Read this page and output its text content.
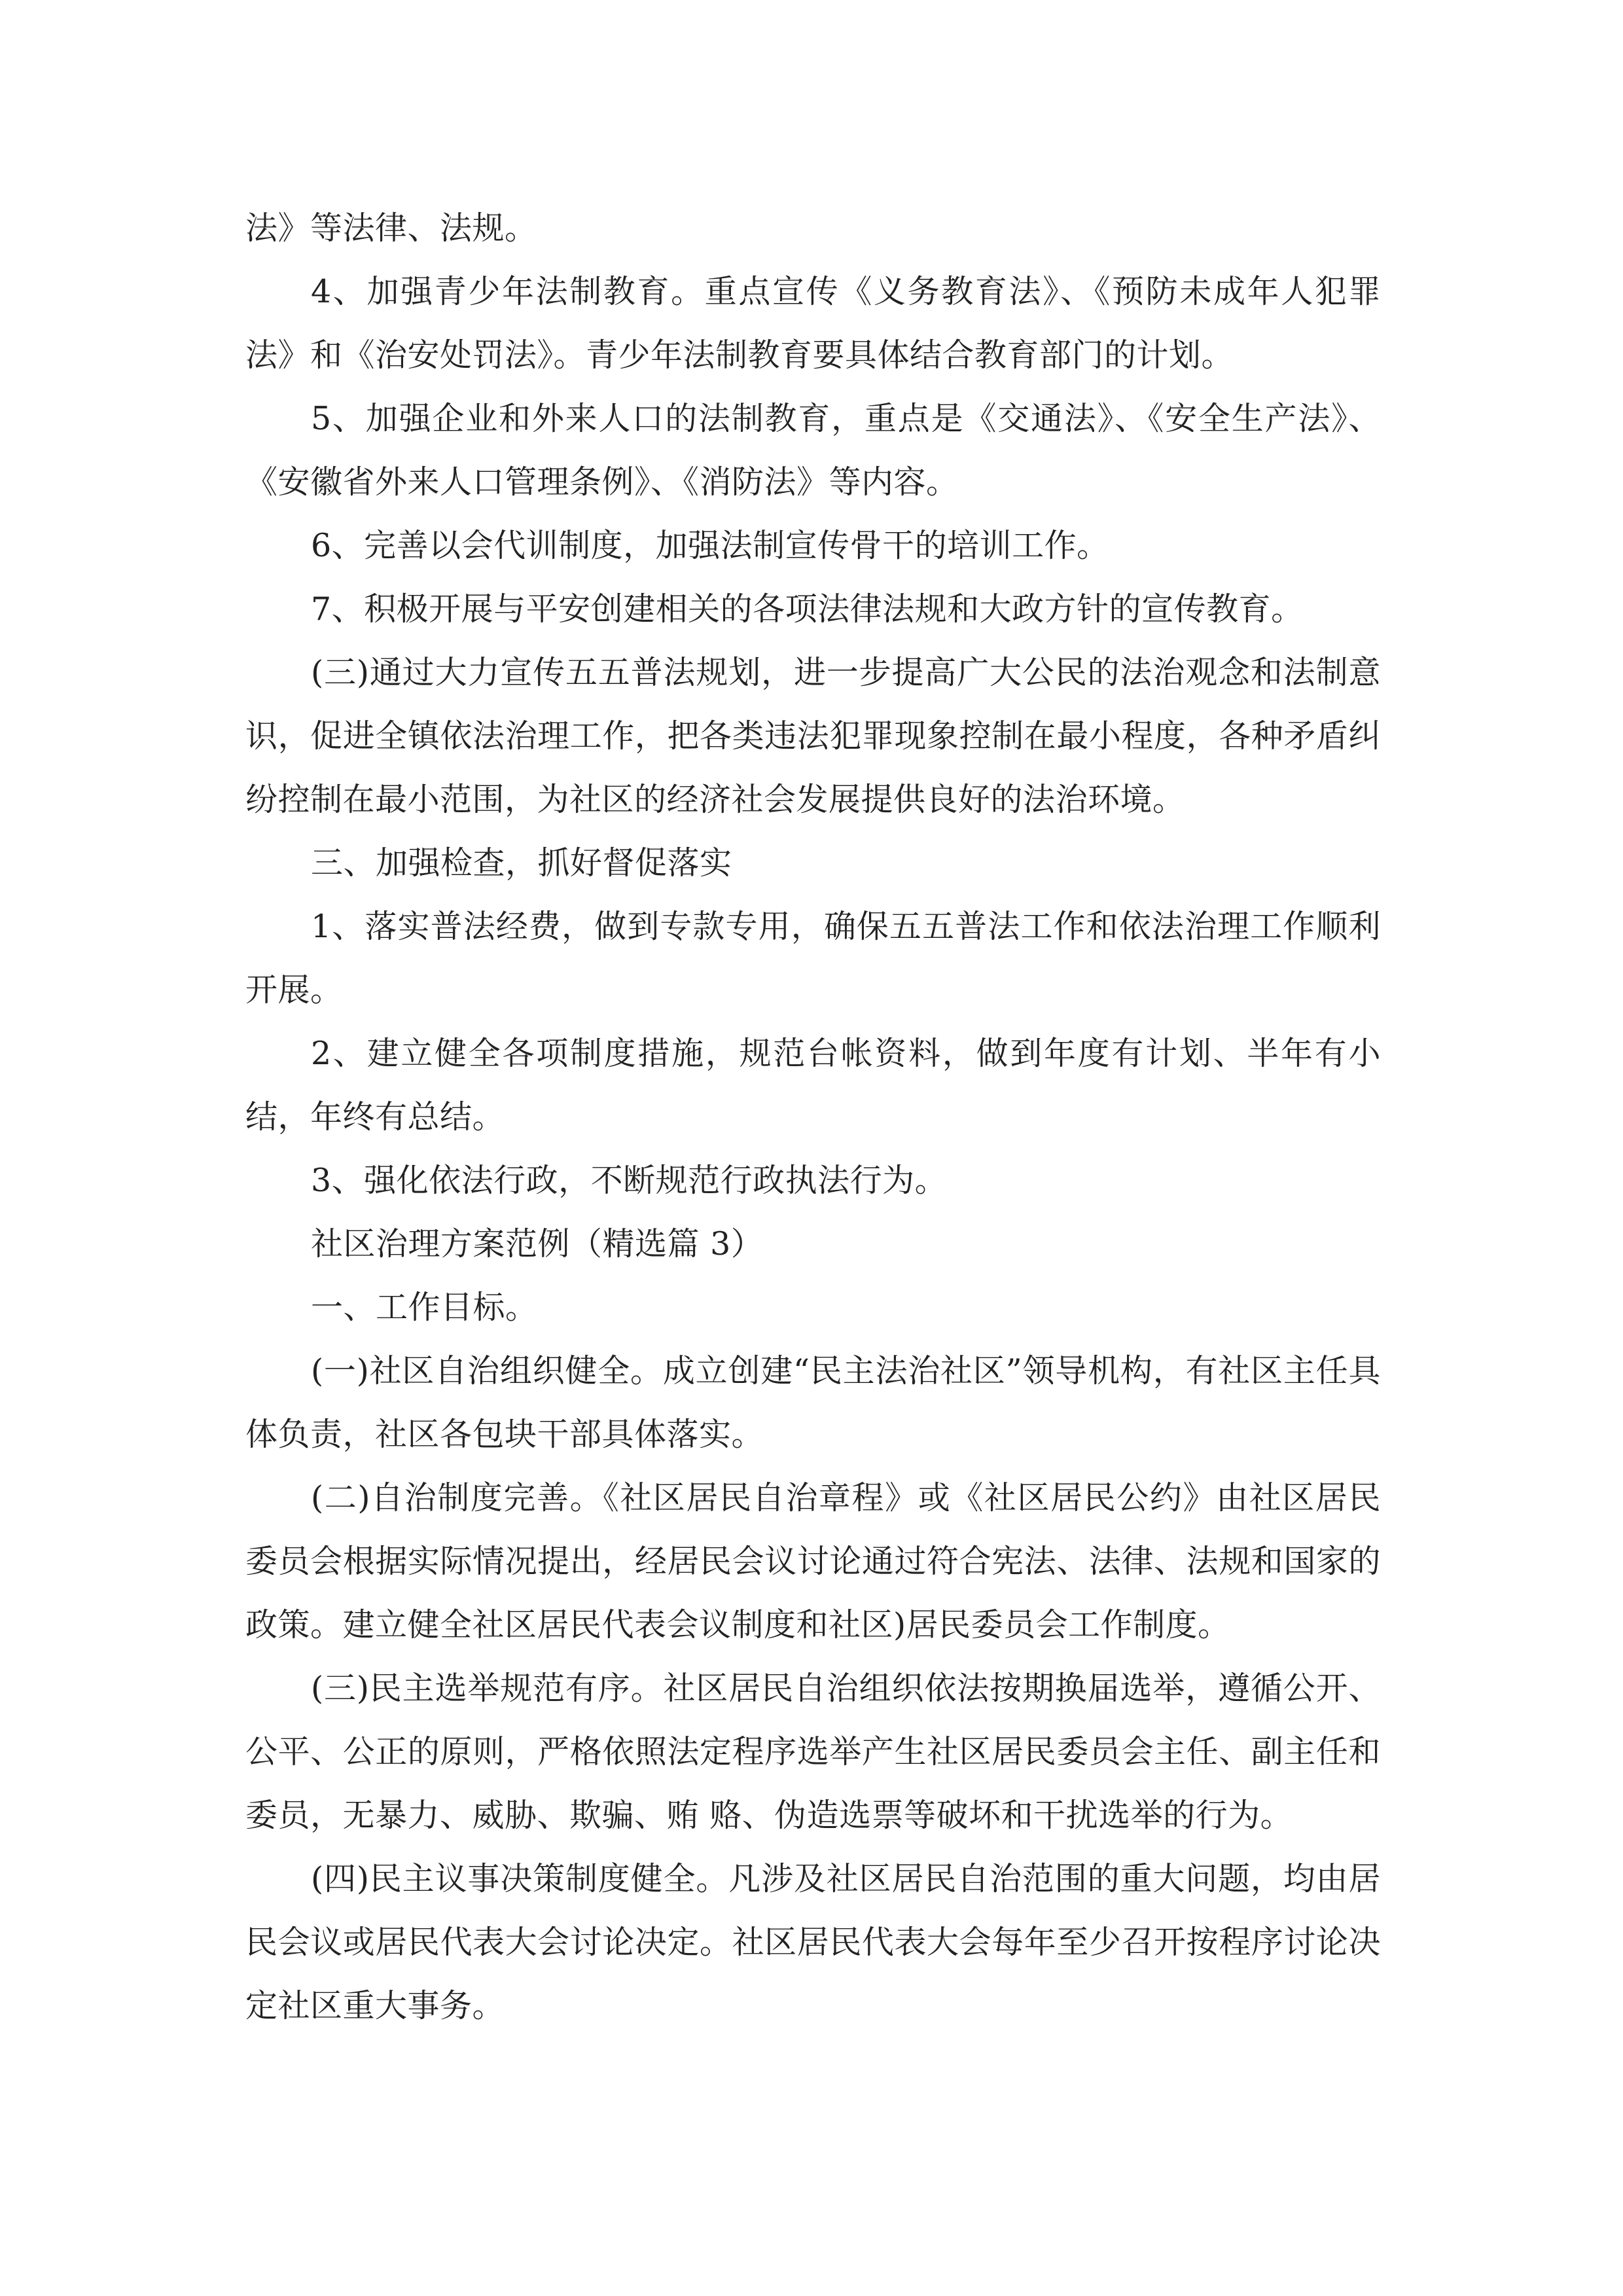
法》等法律、法规。

4、加强青少年法制教育。重点宣传《义务教育法》、《预防未成年人犯罪法》和《治安处罚法》。青少年法制教育要具体结合教育部门的计划。

5、加强企业和外来人口的法制教育，重点是《交通法》、《安全生产法》、《安徽省外来人口管理条例》、《消防法》等内容。

6、完善以会代训制度，加强法制宣传骨干的培训工作。

7、积极开展与平安创建相关的各项法律法规和大政方针的宣传教育。

(三)通过大力宣传五五普法规划，进一步提高广大公民的法治观念和法制意识，促进全镇依法治理工作，把各类违法犯罪现象控制在最小程度，各种矛盾纠纷控制在最小范围，为社区的经济社会发展提供良好的法治环境。

三、加强检查，抓好督促落实

1、落实普法经费，做到专款专用，确保五五普法工作和依法治理工作顺利开展。

2、建立健全各项制度措施，规范台帐资料，做到年度有计划、半年有小结，年终有总结。

3、强化依法行政，不断规范行政执法行为。

社区治理方案范例（精选篇 3）

一、工作目标。

(一)社区自治组织健全。成立创建“民主法治社区”领导机构，有社区主任具体负责，社区各包块干部具体落实。

(二)自治制度完善。《社区居民自治章程》或《社区居民公约》由社区居民委员会根据实际情况提出，经居民会议讨论通过符合宪法、法律、法规和国家的政策。建立健全社区居民代表会议制度和社区)居民委员会工作制度。

(三)民主选举规范有序。社区居民自治组织依法按期换届选举，遵循公开、公平、公正的原则，严格依照法定程序选举产生社区居民委员会主任、副主任和委员，无暴力、威胁、欺骗、贿 赂、伪造选票等破坏和干扰选举的行为。

(四)民主议事决策制度健全。凡涉及社区居民自治范围的重大问题，均由居民会议或居民代表大会讨论决定。社区居民代表大会每年至少召开按程序讨论决定社区重大事务。
